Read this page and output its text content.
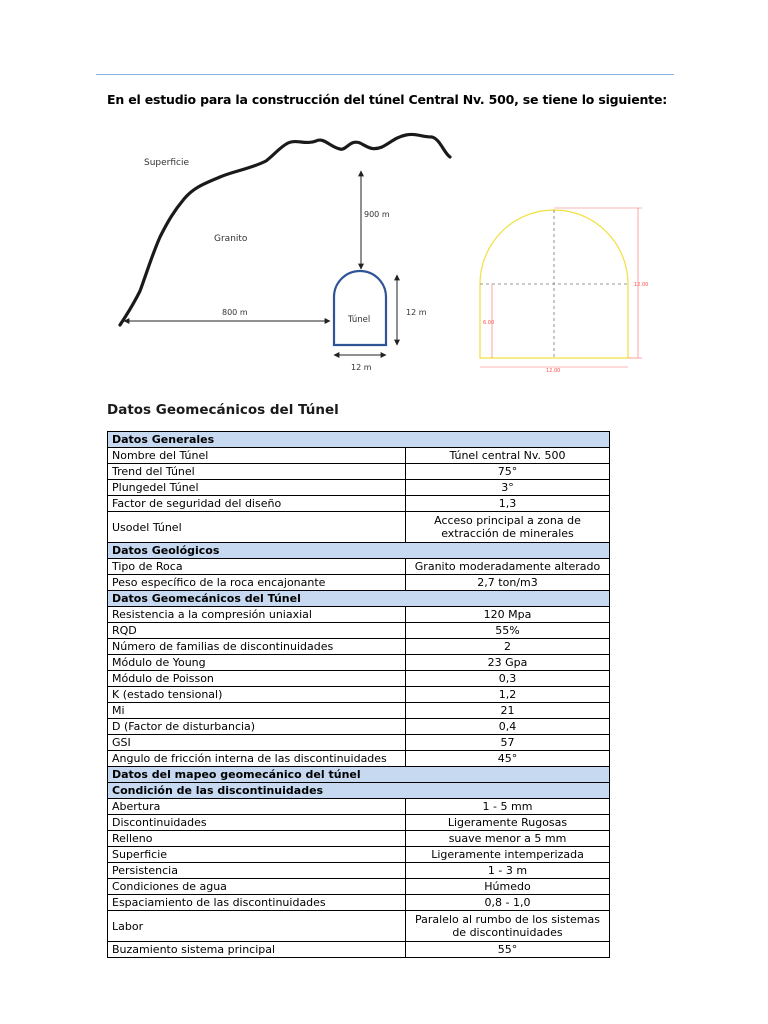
En el estudio para la construcción del túnel Central Nv. 500, se tiene lo siguiente:
Superficie
Granito
900 m
800 m
Túnel
12 m
12 m
12.00
6.00
12.00
Datos Geomecánicos del Túnel
Datos Generales	
Nombre del Túnel	Túnel central Nv. 500
Trend del Túnel	75°
Plungedel Túnel	3°
Factor de seguridad del diseño	1,3
Usodel Túnel	Acceso principal a zona de extracción de minerales
Datos Geológicos	
Tipo de Roca	Granito moderadamente alterado
Peso específico de la roca encajonante	2,7 ton/m3
Datos Geomecánicos del Túnel	
Resistencia a la compresión uniaxial	120 Mpa
RQD	55%
Número de familias de discontinuidades	2
Módulo de Young	23 Gpa
Módulo de Poisson	0,3
K (estado tensional)	1,2
Mi	21
D (Factor de disturbancia)	0,4
GSI	57
Angulo de fricción interna de las discontinuidades	45°
Datos del mapeo geomecánico del túnel	
Condición de las discontinuidades	
Abertura	1 - 5 mm
Discontinuidades	Ligeramente Rugosas
Relleno	suave menor a 5 mm
Superficie	Ligeramente intemperizada
Persistencia	1 - 3 m
Condiciones de agua	Húmedo
Espaciamiento de las discontinuidades	0,8 - 1,0
Labor	Paralelo al rumbo de los sistemas de discontinuidades
Buzamiento sistema principal	55°
